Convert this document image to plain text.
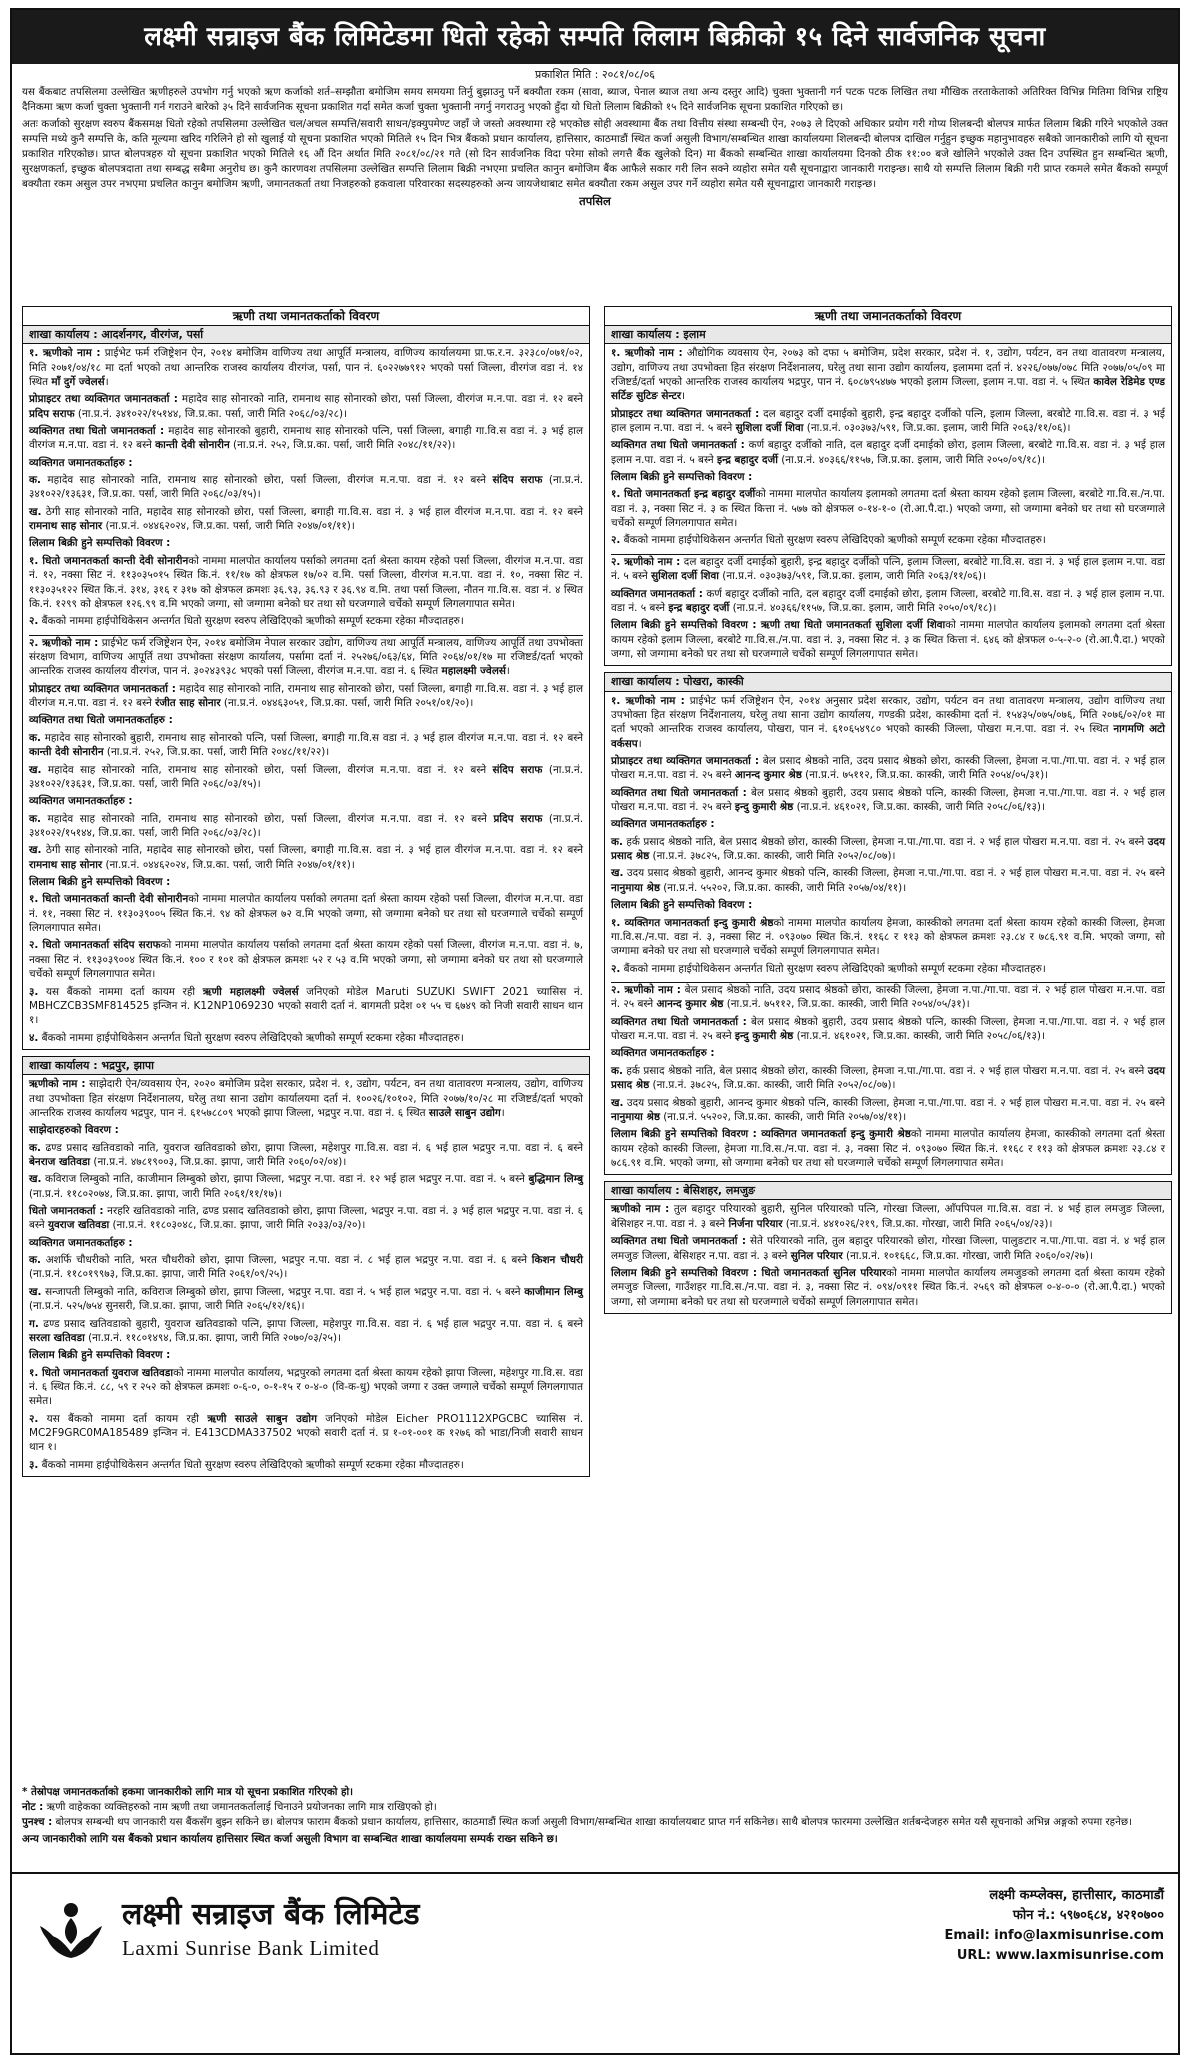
लक्ष्मी सन्राइज बैंक लिमिटेडमा धितो रहेको सम्पति लिलाम बिक्रीको १५ दिने सार्वजनिक सूचना
प्रकाशित मिति : २०८१/०८/०६

यस बैंकबाट तपसिलमा उल्लेखित ऋणीहरुले उपभोग गर्नु भएको ऋण कर्जाको शर्त–सम्झौता बमोजिम समय समयमा तिर्नु बुझाउनु पर्ने बक्यौता रकम (सावा, ब्याज, पेनाल ब्याज तथा अन्य दस्तुर आदि) चुक्ता भुक्तानी गर्न पटक पटक लिखित तथा मौखिक तरताकेताको अतिरिक्त विभिन्न मितिमा विभिन्न राष्ट्रिय दैनिकमा ऋण कर्जा चुक्ता भुक्तानी गर्न गराउने बारेको ३५ दिने सार्वजनिक सूचना प्रकाशित गर्दा समेत कर्जा चुक्ता भुक्तानी नगर्नु नगराउनु भएको हुँदा यो धितो लिलाम बिक्रीको १५ दिने सार्वजनिक सूचना प्रकाशित गरिएको छ।

अतः कर्जाको सुरक्षण स्वरुप बैंकसमक्ष धितो रहेको तपसिलमा उल्लेखित चल/अचल सम्पत्ति/सवारी साधन/इक्युपमेण्ट जहाँ जे जस्तो अवस्थामा रहे भएकोछ सोही अवस्थामा बैंक तथा वित्तीय संस्था सम्बन्धी ऐन, २०७३ ले दिएको अधिकार प्रयोग गरी गोप्य शिलबन्दी बोलपत्र मार्फत लिलाम बिक्री गरिने भएकोले उक्त सम्पत्ति मध्ये कुनै सम्पत्ति के, कति मूल्यमा खरिद गरिलिने हो सो खुलाई यो सूचना प्रकाशित भएको मितिले १५ दिन भित्र बैंकको प्रधान कार्यालय, हात्तिसार, काठमाडौं स्थित कर्जा असुली विभाग/सम्बन्धित शाखा कार्यालयमा शिलबन्दी बोलपत्र दाखिल गर्नुहुन इच्छुक महानुभावहरु सबैको जानकारीको लागि यो सूचना प्रकाशित गरिएकोछ। प्राप्त बोलपत्रहरु यो सूचना प्रकाशित भएको मितिले १६ औं दिन अर्थात मिति २०८१/०८/२१ गते (सो दिन सार्वजनिक विदा परेमा सोको लगत्तै बैंक खुलेको दिन) मा बैंकको सम्बन्धित शाखा कार्यालयमा दिनको ठीक ११:०० बजे खोलिने भएकोले उक्त दिन उपस्थित हुन सम्बन्धित ऋणी, सुरक्षणकर्ता, इच्छुक बोलपत्रदाता तथा सम्बद्ध सबैमा अनुरोध छ। कुनै कारणवश तपसिलमा उल्लेखित सम्पत्ति लिलाम बिक्री नभएमा प्रचलित कानुन बमोजिम बैंक आफैले सकार गरी लिन सक्ने व्यहोरा समेत यसै सूचनाद्वारा जानकारी गराइन्छ। साथै यो सम्पत्ति लिलाम बिक्री गरी प्राप्त रकमले समेत बैंकको सम्पूर्ण बक्यौता रकम असुल उपर नभएमा प्रचलित कानुन बमोजिम ऋणी, जमानतकर्ता तथा निजहरुको हकवाला परिवारका सदस्यहरुको अन्य जायजेथाबाट समेत बक्यौता रकम असुल उपर गर्ने व्यहोरा समेत यसै सूचनाद्वारा जानकारी गराइन्छ।

तपसिल
ऋणी तथा जमानतकर्ताको विवरण
शाखा कार्यालय : आदर्शनगर, वीरगंज, पर्सा
१. ऋणीको नाम : प्राईभेट फर्म रजिष्ट्रेशन ऐन, २०१४ बमोजिम वाणिज्य तथा आपूर्ति मन्त्रालय, वाणिज्य कार्यालयमा प्रा.फ.र.न. ३२३८०/०७१/०२, मिति २०७१/०४/१८ मा दर्ता भएको तथा आन्तरिक राजस्व कार्यालय वीरगंज, पर्सा, पान नं. ६०२२७७९१२ भएको पर्सा जिल्ला, वीरगंज वडा नं. १४ स्थित माँ दुर्गे ज्वेलर्स।
प्रोप्राइटर तथा व्यक्तिगत जमानतकर्ता : महादेव साह सोनारको नाति, रामनाथ साह सोनारको छोरा, पर्सा जिल्ला, वीरगंज म.न.पा. वडा नं. १२ बस्ने प्रदिप सराफ (ना.प्र.नं. ३४१०२२/१५१४४, जि.प्र.का. पर्सा, जारी मिति २०६८/०३/२८)।
व्यक्तिगत तथा धितो जमानतकर्ता : महादेव साह सोनारको बुहारी, रामनाथ साह सोनारको पत्नि, पर्सा जिल्ला, बगाही गा.वि.स वडा नं. ३ भई हाल वीरगंज म.न.पा. वडा नं. १२ बस्ने कान्ती देवी सोनारीन (ना.प्र.नं. २५२, जि.प्र.का. पर्सा, जारी मिति २०४८/११/२२)।
व्यक्तिगत जमानतकर्ताहरु :
क. महादेव साह सोनारको नाति, रामनाथ साह सोनारको छोरा, पर्सा जिल्ला, वीरगंज म.न.पा. वडा नं. १२ बस्ने संदिप सराफ (ना.प्र.नं. ३४१०२२/१३६३१, जि.प्र.का. पर्सा, जारी मिति २०६८/०३/१५)।
ख. ठेगी साह सोनारको नाति, महादेव साह सोनारको छोरा, पर्सा जिल्ला, बगाही गा.वि.स. वडा नं. ३ भई हाल वीरगंज म.न.पा. वडा नं. १२ बस्ने रामनाथ साह सोनार (ना.प्र.नं. ०४४६२०२४, जि.प्र.का. पर्सा, जारी मिति २०४७/०१/११)।
लिलाम बिक्री हुने सम्पत्तिको विवरण :
१. धितो जमानतकर्ता कान्ती देवी सोनारीनको नाममा मालपोत कार्यालय पर्साको लगतमा दर्ता श्रेस्ता कायम रहेको पर्सा जिल्ला, वीरगंज म.न.पा. वडा नं. १२, नक्सा सिट नं. ११३०३५०१५ स्थित कि.नं. ११/१७ को क्षेत्रफल १७/०२ व.मि. पर्सा जिल्ला, वीरगंज म.न.पा. वडा नं. १०, नक्सा सिट नं. ११३०३५१२२ स्थित कि.नं. ३१४, ३१६ र ३१७ को क्षेत्रफल क्रमशः ३६.९३, ३६.९३ र ३६.९४ व.मि. तथा पर्सा जिल्ला, नौतन गा.वि.स. वडा नं. ४ स्थित कि.नं. १२९९ को क्षेत्रफल १२६.९९ व.मि भएको जग्गा, सो जग्गामा बनेको घर तथा सो घरजग्गाले चर्चेको सम्पूर्ण लिगलगापात समेत।
२. बैंकको नाममा हाईपोथिकेसन अन्तर्गत धितो सुरक्षण स्वरुप लेखिदिएको ऋणीको सम्पूर्ण स्टकमा रहेका मौज्दातहरु।
२. ऋणीको नाम : प्राईभेट फर्म रजिष्ट्रेशन ऐन, २०१४ बमोजिम नेपाल सरकार उद्योग, वाणिज्य तथा आपूर्ति मन्त्रालय, वाणिज्य आपूर्ति तथा उपभोक्ता संरक्षण विभाग, वाणिज्य आपूर्ति तथा उपभोक्ता संरक्षण कार्यालय, पर्सामा दर्ता नं. २५२७६/०६३/६४, मिति २०६४/०१/१७ मा रजिष्टर्ड/दर्ता भएको आन्तरिक राजस्व कार्यालय वीरगंज, पान नं. ३०२४३९३८ भएको पर्सा जिल्ला, वीरगंज म.न.पा. वडा नं. ६ स्थित महालक्ष्मी ज्वेलर्स।
प्रोप्राइटर तथा व्यक्तिगत जमानतकर्ता : महादेव साह सोनारको नाति, रामनाथ साह सोनारको छोरा, पर्सा जिल्ला, बगाही गा.वि.स. वडा नं. ३ भई हाल वीरगंज म.न.पा. वडा नं. १२ बस्ने रंजीत साह सोनार (ना.प्र.नं. ०४४६३०५१, जि.प्र.का. पर्सा, जारी मिति २०५१/०१/२०)।
व्यक्तिगत तथा धितो जमानतकर्ताहरु :
क. महादेव साह सोनारको बुहारी, रामनाथ साह सोनारको पत्नि, पर्सा जिल्ला, बगाही गा.वि.स वडा नं. ३ भई हाल वीरगंज म.न.पा. वडा नं. १२ बस्ने कान्ती देवी सोनारीन (ना.प्र.नं. २५२, जि.प्र.का. पर्सा, जारी मिति २०४८/११/२२)।
ख. महादेव साह सोनारको नाति, रामनाथ साह सोनारको छोरा, पर्सा जिल्ला, वीरगंज म.न.पा. वडा नं. १२ बस्ने संदिप सराफ (ना.प्र.नं. ३४१०२२/१३६३१, जि.प्र.का. पर्सा, जारी मिति २०६८/०३/१५)।
व्यक्तिगत जमानतकर्ताहरु :
क. महादेव साह सोनारको नाति, रामनाथ साह सोनारको छोरा, पर्सा जिल्ला, वीरगंज म.न.पा. वडा नं. १२ बस्ने प्रदिप सराफ (ना.प्र.नं. ३४१०२२/१५१४४, जि.प्र.का. पर्सा, जारी मिति २०६८/०३/२८)।
ख. ठेगी साह सोनारको नाति, महादेव साह सोनारको छोरा, पर्सा जिल्ला, बगाही गा.वि.स. वडा नं. ३ भई हाल वीरगंज म.न.पा. वडा नं. १२ बस्ने रामनाथ साह सोनार (ना.प्र.नं. ०४४६२०२४, जि.प्र.का. पर्सा, जारी मिति २०४७/०१/११)।
लिलाम बिक्री हुने सम्पत्तिको विवरण :
१. धितो जमानतकर्ता कान्ती देवी सोनारीनको नाममा मालपोत कार्यालय पर्साको लगतमा दर्ता श्रेस्ता कायम रहेको पर्सा जिल्ला, वीरगंज म.न.पा. वडा नं. ११, नक्सा सिट नं. ११३०३९००५ स्थित कि.नं. ९४ को क्षेत्रफल ७२ व.मि भएको जग्गा, सो जग्गामा बनेको घर तथा सो घरजग्गाले चर्चेको सम्पूर्ण लिगलगापात समेत।
२. धितो जमानतकर्ता संदिप सराफको नाममा मालपोत कार्यालय पर्साको लगतमा दर्ता श्रेस्ता कायम रहेको पर्सा जिल्ला, वीरगंज म.न.पा. वडा नं. ७, नक्सा सिट नं. ११३०३९००४ स्थित कि.नं. १०० र १०१ को क्षेत्रफल क्रमशः ५२ र ५३ व.मि भएको जग्गा, सो जग्गामा बनेको घर तथा सो घरजग्गाले चर्चेको सम्पूर्ण लिगलगापात समेत।
३. यस बैंकको नाममा दर्ता कायम रही ऋणी महालक्ष्मी ज्वेलर्स जनिएको मोडेल Maruti SUZUKI SWIFT 2021 च्यासिस नं. MBHCZCB3SMF814525 इन्जिन नं. K12NP1069230 भएको सवारी दर्ता नं. बागमती प्रदेश ०१ ५५ च ६७४९ को निजी सवारी साधन थान १।
४. बैंकको नाममा हाईपोथिकेसन अन्तर्गत धितो सुरक्षण स्वरुप लेखिदिएको ऋणीको सम्पूर्ण स्टकमा रहेका मौज्दातहरु।
शाखा कार्यालय : भद्रपुर, झापा
ऋणीको नाम : साझेदारी ऐन/व्यवसाय ऐन, २०२० बमोजिम प्रदेश सरकार, प्रदेश नं. १, उद्योग, पर्यटन, वन तथा वातावरण मन्त्रालय, उद्योग, वाणिज्य तथा उपभोक्ता हित संरक्षण निर्देशनालय, घरेलु तथा साना उद्योग कार्यालयमा दर्ता नं. १००२६/१०१०२, मिति २०७७/१०/२८ मा रजिष्टर्ड/दर्ता भएको आन्तरिक राजस्व कार्यालय भद्रपुर, पान नं. ६१५७८८०९ भएको झापा जिल्ला, भद्रपुर न.पा. वडा नं. ६ स्थित साउले साबुन उद्योग।
साझेदारहरुको विवरण :
क. ढण्ड प्रसाद खतिवडाको नाति, युवराज खतिवडाको छोरा, झापा जिल्ला, महेशपुर गा.वि.स. वडा नं. ६ भई हाल भद्रपुर न.पा. वडा नं. ६ बस्ने बेनराज खतिवडा (ना.प्र.नं. ४७८१९००३, जि.प्र.का. झापा, जारी मिति २०६०/०२/०४)।
ख. कविराज लिम्बुको नाति, काजीमान लिम्बुको छोरा, झापा जिल्ला, भद्रपुर न.पा. वडा नं. १२ भई हाल भद्रपुर न.पा. वडा नं. ५ बस्ने बुद्धिमान लिम्बु (ना.प्र.नं. ११८०२०७४, जि.प्र.का. झापा, जारी मिति २०६१/११/१७)।
धितो जमानतकर्ता : नरहरि खतिवडाको नाति, ढण्ड प्रसाद खतिवडाको छोरा, झापा जिल्ला, भद्रपुर न.पा. वडा नं. ३ भई हाल भद्रपुर न.पा. वडा नं. ६ बस्ने युवराज खतिवडा (ना.प्र.नं. ११८०३०४८, जि.प्र.का. झापा, जारी मिति २०३३/०३/२०)।
व्यक्तिगत जमानतकर्ताहरु :
क. अशर्फि चौधरीको नाति, भरत चौधरीको छोरा, झापा जिल्ला, भद्रपुर न.पा. वडा नं. ८ भई हाल भद्रपुर न.पा. वडा नं. ६ बस्ने किशन चौधरी (ना.प्र.नं. ११८०१९९७३, जि.प्र.का. झापा, जारी मिति २०६१/०९/२५)।
ख. सन्जापती लिम्बुको नाति, कविराज लिम्बुको छोरा, झापा जिल्ला, भद्रपुर न.पा. वडा नं. ५ भई हाल भद्रपुर न.पा. वडा नं. ५ बस्ने काजीमान लिम्बु (ना.प्र.नं. ५२५/७५४ सुनसरी, जि.प्र.का. झापा, जारी मिति २०६५/१२/१६)।
ग. ढण्ड प्रसाद खतिवडाको बुहारी, युवराज खतिवडाको पत्नि, झापा जिल्ला, महेशपुर गा.वि.स. वडा नं. ६ भई हाल भद्रपुर न.पा. वडा नं. ६ बस्ने सरला खतिवडा (ना.प्र.नं. ११८०१४९४, जि.प्र.का. झापा, जारी मिति २०७०/०३/२५)।
लिलाम बिक्री हुने सम्पत्तिको विवरण :
१. धितो जमानतकर्ता युवराज खतिवडाको नाममा मालपोत कार्यालय, भद्रपुरको लगतमा दर्ता श्रेस्ता कायम रहेको झापा जिल्ला, महेशपुर गा.वि.स. वडा नं. ६ स्थित कि.नं. ८८, ५९ र २५२ को क्षेत्रफल क्रमशः ०-६-०, ०-१-१५ र ०-४-० (वि-क-धु) भएको जग्गा र उक्त जग्गाले चर्चेको सम्पूर्ण लिगलगापात समेत।
२. यस बैंकको नाममा दर्ता कायम रही ऋणी साउले साबुन उद्योग जनिएको मोडेल Eicher PRO1112XPGCBC च्यासिस नं. MC2F9GRC0MA185489 इन्जिन नं. E413CDMA337502 भएको सवारी दर्ता नं. प्र १-०१-००१ क १२७६ को भाडा/निजी सवारी साधन थान १।
३. बैंकको नाममा हाईपोथिकेसन अन्तर्गत धितो सुरक्षण स्वरुप लेखिदिएको ऋणीको सम्पूर्ण स्टकमा रहेका मौज्दातहरु।
ऋणी तथा जमानतकर्ताको विवरण
शाखा कार्यालय : इलाम
१. ऋणीको नाम : औद्योगिक व्यवसाय ऐन, २०७३ को दफा ५ बमोजिम, प्रदेश सरकार, प्रदेश नं. १, उद्योग, पर्यटन, वन तथा वातावरण मन्त्रालय, उद्योग, वाणिज्य तथा उपभोक्ता हित संरक्षण निर्देशनालय, घरेलु तथा साना उद्योग कार्यालय, इलाममा दर्ता नं. ४२२६/०७७/०७८ मिति २०७७/०५/०९ मा रजिष्टर्ड/दर्ता भएको आन्तरिक राजस्व कार्यालय भद्रपुर, पान नं. ६०८७९५४७७ भएको इलाम जिल्ला, इलाम न.पा. वडा नं. ५ स्थित कावेल रेडिमेड एण्ड सर्टिङ सुटिङ सेन्टर।
प्रोप्राइटर तथा व्यक्तिगत जमानतकर्ता : दल बहादुर दर्जी दमाईको बुहारी, इन्द्र बहादुर दर्जीको पत्नि, इलाम जिल्ला, बरबोटे गा.वि.स. वडा नं. ३ भई हाल इलाम न.पा. वडा नं. ५ बस्ने सुशिला दर्जी शिवा (ना.प्र.नं. ०३०३७३/५९१, जि.प्र.का. इलाम, जारी मिति २०६३/११/०६)।
व्यक्तिगत तथा धितो जमानतकर्ता : कर्ण बहादुर दर्जीको नाति, दल बहादुर दर्जी दमाईको छोरा, इलाम जिल्ला, बरबोटे गा.वि.स. वडा नं. ३ भई हाल इलाम न.पा. वडा नं. ५ बस्ने इन्द्र बहादुर दर्जी (ना.प्र.नं. ४०३६६/११५७, जि.प्र.का. इलाम, जारी मिति २०५०/०९/१८)।
लिलाम बिक्री हुने सम्पत्तिको विवरण :
१. धितो जमानतकर्ता इन्द्र बहादुर दर्जीको नाममा मालपोत कार्यालय इलामको लगतमा दर्ता श्रेस्ता कायम रहेको इलाम जिल्ला, बरबोटे गा.वि.स./न.पा. वडा नं. ३, नक्सा सिट नं. ३ क स्थित कित्ता नं. ५७७ को क्षेत्रफल ०-१४-१-० (रो.आ.पै.दा.) भएको जग्गा, सो जग्गामा बनेको घर तथा सो घरजग्गाले चर्चेको सम्पूर्ण लिगलगापात समेत।
२. बैंकको नाममा हाईपोथिकेसन अन्तर्गत धितो सुरक्षण स्वरुप लेखिदिएको ऋणीको सम्पूर्ण स्टकमा रहेका मौज्दातहरु।
२. ऋणीको नाम : दल बहादुर दर्जी दमाईको बुहारी, इन्द्र बहादुर दर्जीको पत्नि, इलाम जिल्ला, बरबोटे गा.वि.स. वडा नं. ३ भई हाल इलाम न.पा. वडा नं. ५ बस्ने सुशिला दर्जी शिवा (ना.प्र.नं. ०३०३७३/५९१, जि.प्र.का. इलाम, जारी मिति २०६३/११/०६)।
व्यक्तिगत जमानतकर्ता : कर्ण बहादुर दर्जीको नाति, दल बहादुर दर्जी दमाईको छोरा, इलाम जिल्ला, बरबोटे गा.वि.स. वडा नं. ३ भई हाल इलाम न.पा. वडा नं. ५ बस्ने इन्द्र बहादुर दर्जी (ना.प्र.नं. ४०३६६/११५७, जि.प्र.का. इलाम, जारी मिति २०५०/०९/१८)।
लिलाम बिक्री हुने सम्पत्तिको विवरण : ऋणी तथा धितो जमानतकर्ता सुशिला दर्जी शिवाको नाममा मालपोत कार्यालय इलामको लगतमा दर्ता श्रेस्ता कायम रहेको इलाम जिल्ला, बरबोटे गा.वि.स./न.पा. वडा नं. ३, नक्सा सिट नं. ३ क स्थित कित्ता नं. ६४६ को क्षेत्रफल ०-५-२-० (रो.आ.पै.दा.) भएको जग्गा, सो जग्गामा बनेको घर तथा सो घरजग्गाले चर्चेको सम्पूर्ण लिगलगापात समेत।
शाखा कार्यालय : पोखरा, कास्की
१. ऋणीको नाम : प्राईभेट फर्म रजिष्ट्रेशन ऐन, २०१४ अनुसार प्रदेश सरकार, उद्योग, पर्यटन वन तथा वातावरण मन्त्रालय, उद्योग वाणिज्य तथा उपभोक्ता हित संरक्षण निर्देशनालय, घरेलु तथा साना उद्योग कार्यालय, गण्डकी प्रदेश, कास्कीमा दर्ता नं. १५४३५/०७५/०७६, मिति २०७६/०२/०१ मा दर्ता भएको आन्तरिक राजस्व कार्यालय, पोखरा, पान नं. ६१०६५४९८० भएको कास्की जिल्ला, पोखरा म.न.पा. वडा नं. २५ स्थित नागमणि अटो वर्कसप।
प्रोप्राइटर तथा व्यक्तिगत जमानतकर्ता : बेल प्रसाद श्रेष्ठको नाति, उदय प्रसाद श्रेष्ठको छोरा, कास्की जिल्ला, हेमजा न.पा./गा.पा. वडा नं. २ भई हाल पोखरा म.न.पा. वडा नं. २५ बस्ने आनन्द कुमार श्रेष्ठ (ना.प्र.नं. ७५११२, जि.प्र.का. कास्की, जारी मिति २०५४/०५/३१)।
व्यक्तिगत तथा धितो जमानतकर्ता : बेल प्रसाद श्रेष्ठको बुहारी, उदय प्रसाद श्रेष्ठको पत्नि, कास्की जिल्ला, हेमजा न.पा./गा.पा. वडा नं. २ भई हाल पोखरा म.न.पा. वडा नं. २५ बस्ने इन्दु कुमारी श्रेष्ठ (ना.प्र.नं. ४६१०२१, जि.प्र.का. कास्की, जारी मिति २०५८/०६/१३)।
व्यक्तिगत जमानतकर्ताहरु :
क. हर्क प्रसाद श्रेष्ठको नाति, बेल प्रसाद श्रेष्ठको छोरा, कास्की जिल्ला, हेमजा न.पा./गा.पा. वडा नं. २ भई हाल पोखरा म.न.पा. वडा नं. २५ बस्ने उदय प्रसाद श्रेष्ठ (ना.प्र.नं. ३७८२५, जि.प्र.का. कास्की, जारी मिति २०५२/०८/०७)।
ख. उदय प्रसाद श्रेष्ठको बुहारी, आनन्द कुमार श्रेष्ठको पत्नि, कास्की जिल्ला, हेमजा न.पा./गा.पा. वडा नं. २ भई हाल पोखरा म.न.पा. वडा नं. २५ बस्ने नानुमाया श्रेष्ठ (ना.प्र.नं. ५५२०२, जि.प्र.का. कास्की, जारी मिति २०५७/०४/११)।
लिलाम बिक्री हुने सम्पत्तिको विवरण :
१. व्यक्तिगत जमानतकर्ता इन्दु कुमारी श्रेष्ठको नाममा मालपोत कार्यालय हेमजा, कास्कीको लगतमा दर्ता श्रेस्ता कायम रहेको कास्की जिल्ला, हेमजा गा.वि.स./न.पा. वडा नं. ३, नक्सा सिट नं. ०९३०७० स्थित कि.नं. ११६८ र ११३ को क्षेत्रफल क्रमशः २३.८४ र ७८६.९१ व.मि. भएको जग्गा, सो जग्गामा बनेको घर तथा सो घरजग्गाले चर्चेको सम्पूर्ण लिगलगापात समेत।
२. बैंकको नाममा हाईपोथिकेसन अन्तर्गत धितो सुरक्षण स्वरुप लेखिदिएको ऋणीको सम्पूर्ण स्टकमा रहेका मौज्दातहरु।
२. ऋणीको नाम : बेल प्रसाद श्रेष्ठको नाति, उदय प्रसाद श्रेष्ठको छोरा, कास्की जिल्ला, हेमजा न.पा./गा.पा. वडा नं. २ भई हाल पोखरा म.न.पा. वडा नं. २५ बस्ने आनन्द कुमार श्रेष्ठ (ना.प्र.नं. ७५११२, जि.प्र.का. कास्की, जारी मिति २०५४/०५/३१)।
व्यक्तिगत तथा धितो जमानतकर्ता : बेल प्रसाद श्रेष्ठको बुहारी, उदय प्रसाद श्रेष्ठको पत्नि, कास्की जिल्ला, हेमजा न.पा./गा.पा. वडा नं. २ भई हाल पोखरा म.न.पा. वडा नं. २५ बस्ने इन्दु कुमारी श्रेष्ठ (ना.प्र.नं. ४६१०२१, जि.प्र.का. कास्की, जारी मिति २०५८/०६/१३)।
व्यक्तिगत जमानतकर्ताहरु :
क. हर्क प्रसाद श्रेष्ठको नाति, बेल प्रसाद श्रेष्ठको छोरा, कास्की जिल्ला, हेमजा न.पा./गा.पा. वडा नं. २ भई हाल पोखरा म.न.पा. वडा नं. २५ बस्ने उदय प्रसाद श्रेष्ठ (ना.प्र.नं. ३७८२५, जि.प्र.का. कास्की, जारी मिति २०५२/०८/०७)।
ख. उदय प्रसाद श्रेष्ठको बुहारी, आनन्द कुमार श्रेष्ठको पत्नि, कास्की जिल्ला, हेमजा न.पा./गा.पा. वडा नं. २ भई हाल पोखरा म.न.पा. वडा नं. २५ बस्ने नानुमाया श्रेष्ठ (ना.प्र.नं. ५५२०२, जि.प्र.का. कास्की, जारी मिति २०५७/०४/११)।
लिलाम बिक्री हुने सम्पत्तिको विवरण : व्यक्तिगत जमानतकर्ता इन्दु कुमारी श्रेष्ठको नाममा मालपोत कार्यालय हेमजा, कास्कीको लगतमा दर्ता श्रेस्ता कायम रहेको कास्की जिल्ला, हेमजा गा.वि.स./न.पा. वडा नं. ३, नक्सा सिट नं. ०९३०७० स्थित कि.नं. ११६८ र ११३ को क्षेत्रफल क्रमशः २३.८४ र ७८६.९१ व.मि. भएको जग्गा, सो जग्गामा बनेको घर तथा सो घरजग्गाले चर्चेको सम्पूर्ण लिगलगापात समेत।
शाखा कार्यालय : बेसिशहर, लमजुङ
ऋणीको नाम : तुल बहादुर परियारको बुहारी, सुनिल परियारको पत्नि, गोरखा जिल्ला, आँपपिपल गा.वि.स. वडा नं. ४ भई हाल लमजुङ जिल्ला, बेसिशहर न.पा. वडा नं. ३ बस्ने निर्जना परियार (ना.प्र.नं. ४४१०२६/२१९, जि.प्र.का. गोरखा, जारी मिति २०६५/०४/२३)।
व्यक्तिगत तथा धितो जमानतकर्ता : सेते परियारको नाति, तुल बहादुर परियारको छोरा, गोरखा जिल्ला, पालुङटार न.पा./गा.पा. वडा नं. ४ भई हाल लमजुङ जिल्ला, बेसिशहर न.पा. वडा नं. ३ बस्ने सुनिल परियार (ना.प्र.नं. १०१६६८, जि.प्र.का. गोरखा, जारी मिति २०६०/०२/२७)।
लिलाम बिक्री हुने सम्पत्तिको विवरण : धितो जमानतकर्ता सुनिल परियारको नाममा मालपोत कार्यालय लमजुङको लगतमा दर्ता श्रेस्ता कायम रहेको लमजुङ जिल्ला, गाउँशहर गा.वि.स./न.पा. वडा नं. ३, नक्सा सिट नं. ०९४/०९११ स्थित कि.नं. २५६९ को क्षेत्रफल ०-४-०-० (रो.आ.पै.दा.) भएको जग्गा, सो जग्गामा बनेको घर तथा सो घरजग्गाले चर्चेको सम्पूर्ण लिगलगापात समेत।

* तेस्रोपक्ष जमानतकर्ताको हकमा जानकारीको लागि मात्र यो सूचना प्रकाशित गरिएको हो।

नोट : ऋणी वाहेकका व्यक्तिहरुको नाम ऋणी तथा जमानतकर्तालाई चिनाउने प्रयोजनका लागि मात्र राखिएको हो।

पुनश्च : बोलपत्र सम्बन्धी थप जानकारी यस बैंकसँग बुझ्न सकिने छ। बोलपत्र फाराम बैंकको प्रधान कार्यालय, हात्तिसार, काठमाडौं स्थित कर्जा असुली विभाग/सम्बन्धित शाखा कार्यालयबाट प्राप्त गर्न सकिनेछ। साथै बोलपत्र फारममा उल्लेखित शर्तबन्देजहरु समेत यसै सूचनाको अभिन्न अङ्गको रुपमा रहनेछ।

अन्य जानकारीको लागि यस बैंकको प्रधान कार्यालय हात्तिसार स्थित कर्जा असुली विभाग वा सम्बन्धित शाखा कार्यालयमा सम्पर्क राख्न सकिने छ।

लक्ष्मी सन्राइज बैंक लिमिटेड
Laxmi Sunrise Bank Limited
लक्ष्मी कम्प्लेक्स, हात्तीसार, काठमाडौं
फोन नं.: ५९७०६८४, ४२१०७००
Email: info@laxmisunrise.com
URL: www.laxmisunrise.com
